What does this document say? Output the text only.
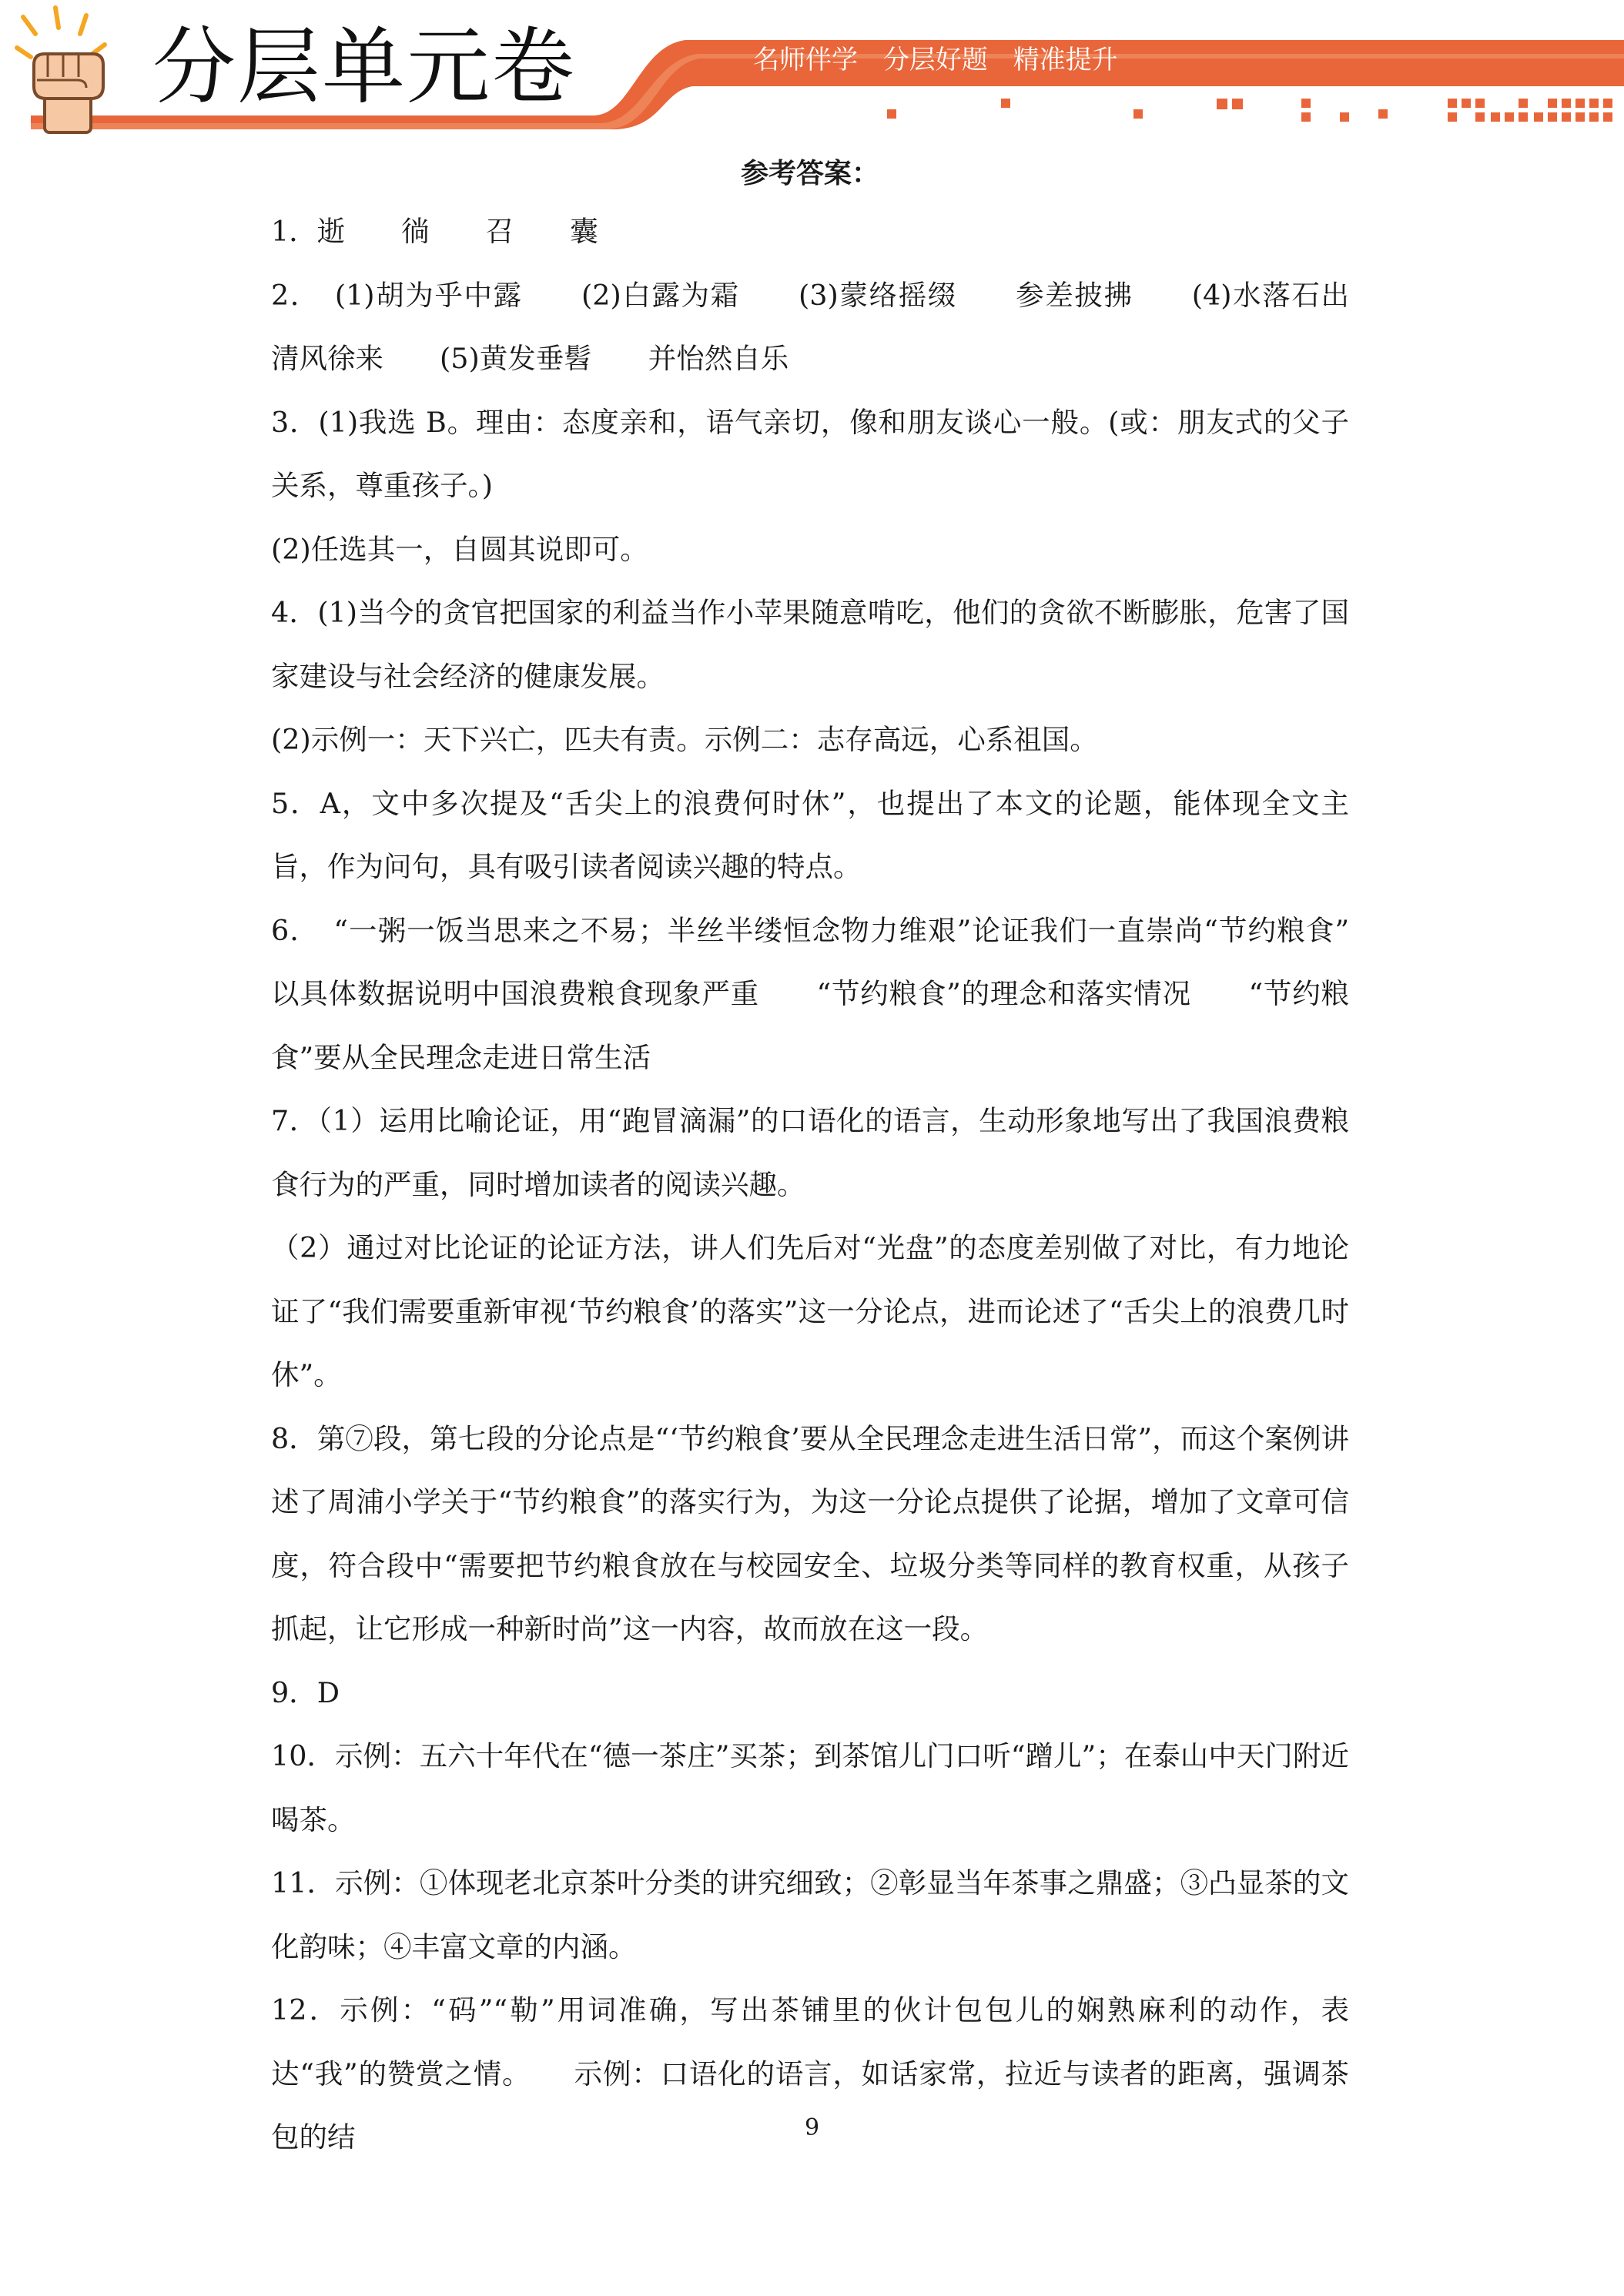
分层单元卷	名师伴学 分层好题 精准提升
参考答案：

1．逝　　徜　　召　　囊

2．　(1)胡为乎中露　　(2)白露为霜　　(3)蒙络摇缀　　参差披拂　　(4)水落石出　　清风徐来　　(5)黄发垂髫　　并怡然自乐

3．(1)我选 B。理由：态度亲和，语气亲切，像和朋友谈心一般。(或：朋友式的父子关系，尊重孩子。)

(2)任选其一，自圆其说即可。

4．(1)当今的贪官把国家的利益当作小苹果随意啃吃，他们的贪欲不断膨胀，危害了国家建设与社会经济的健康发展。

(2)示例一：天下兴亡，匹夫有责。示例二：志存高远，心系祖国。

5．A，文中多次提及“舌尖上的浪费何时休”，也提出了本文的论题，能体现全文主旨，作为问句，具有吸引读者阅读兴趣的特点。

6．　“一粥一饭当思来之不易；半丝半缕恒念物力维艰”论证我们一直崇尚“节约粮食”　以具体数据说明中国浪费粮食现象严重　　“节约粮食”的理念和落实情况　　“节约粮食”要从全民理念走进日常生活

7．（1）运用比喻论证，用“跑冒滴漏”的口语化的语言，生动形象地写出了我国浪费粮食行为的严重，同时增加读者的阅读兴趣。

（2）通过对比论证的论证方法，讲人们先后对“光盘”的态度差别做了对比，有力地论证了“我们需要重新审视‘节约粮食’的落实”这一分论点，进而论述了“舌尖上的浪费几时休”。

8．第⑦段，第七段的分论点是“‘节约粮食’要从全民理念走进生活日常”，而这个案例讲述了周浦小学关于“节约粮食”的落实行为，为这一分论点提供了论据，增加了文章可信度，符合段中“需要把节约粮食放在与校园安全、垃圾分类等同样的教育权重，从孩子抓起，让它形成一种新时尚”这一内容，故而放在这一段。

9．D

10．示例：五六十年代在“德一茶庄”买茶；到茶馆儿门口听“蹭儿”；在泰山中天门附近喝茶。

11．示例：①体现老北京茶叶分类的讲究细致；②彰显当年茶事之鼎盛；③凸显茶的文化韵味；④丰富文章的内涵。

12．示例：“码”“勒”用词准确，写出茶铺里的伙计包包儿的娴熟麻利的动作，表达“我”的赞赏之情。　　示例：口语化的语言，如话家常，拉近与读者的距离，强调茶包的结	9
